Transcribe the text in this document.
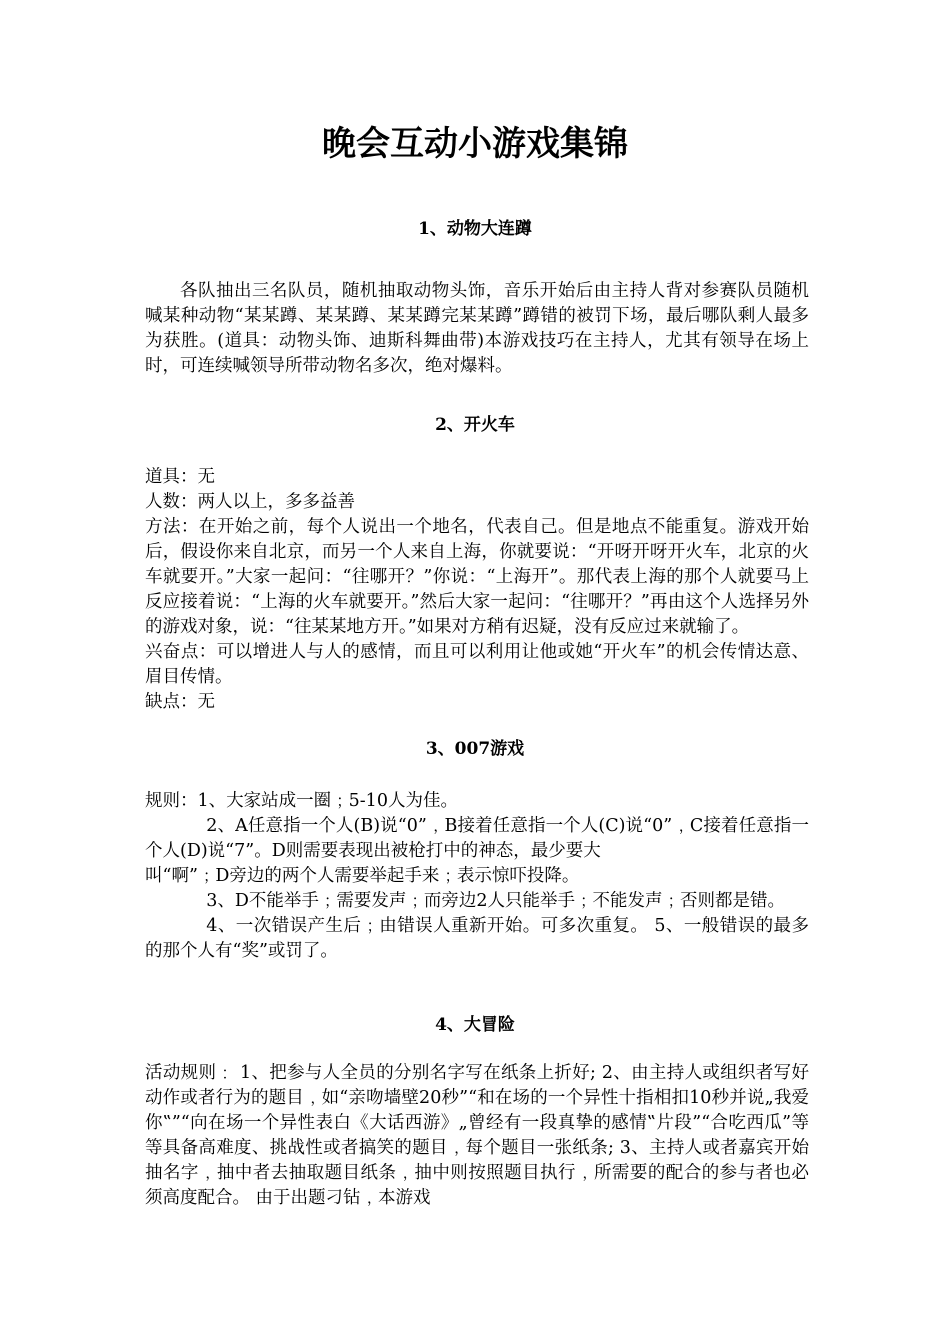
晚会互动小游戏集锦
1、动物大连蹲

各队抽出三名队员，随机抽取动物头饰，音乐开始后由主持人背对参赛队员随机喊某种动物“某某蹲、某某蹲、某某蹲完某某蹲”蹲错的被罚下场，最后哪队剩人最多为获胜。(道具：动物头饰、迪斯科舞曲带)本游戏技巧在主持人，尤其有领导在场上时，可连续喊领导所带动物名多次，绝对爆料。

2、开火车

道具：无

人数：两人以上，多多益善

方法：在开始之前，每个人说出一个地名，代表自己。但是地点不能重复。游戏开始后，假设你来自北京，而另一个人来自上海，你就要说：“开呀开呀开火车，北京的火车就要开。”大家一起问：“往哪开？”你说：“上海开”。那代表上海的那个人就要马上反应接着说：“上海的火车就要开。”然后大家一起问：“往哪开？”再由这个人选择另外的游戏对象，说：“往某某地方开。”如果对方稍有迟疑，没有反应过来就输了。

兴奋点：可以增进人与人的感情，而且可以利用让他或她“开火车”的机会传情达意、眉目传情。

缺点：无

3、007游戏

规则：1、大家站成一圈﹔5-10人为佳。

2、A任意指一个人(B)说“0”﹐B接着任意指一个人(C)说“0”﹐C接着任意指一个人(D)说“7”。D则需要表现出被枪打中的神态，最少要大

叫“啊”﹔D旁边的两个人需要举起手来﹔表示惊吓投降。

3、D不能举手﹔需要发声﹔而旁边2人只能举手﹔不能发声﹔否则都是错。

4、一次错误产生后﹔由错误人重新开始。可多次重复。 5、一般错误的最多的那个人有“奖”或罚了。

4、大冒险

活动规则﹕ 1、把参与人全员的分别名字写在纸条上折好; 2、由主持人或组织者写好动作或者行为的题目﹐如“亲吻墙壁20秒”“和在场的一个异性十指相扣10秒并说„我爱你‟”“向在场一个异性表白《大话西游》„曾经有一段真挚的感情‟片段”“合吃西瓜”等等具备高难度、挑战性或者搞笑的题目﹐每个题目一张纸条; 3、主持人或者嘉宾开始抽名字﹐抽中者去抽取题目纸条﹐抽中则按照题目执行﹐所需要的配合的参与者也必须高度配合。 由于出题刁钻﹐本游戏
